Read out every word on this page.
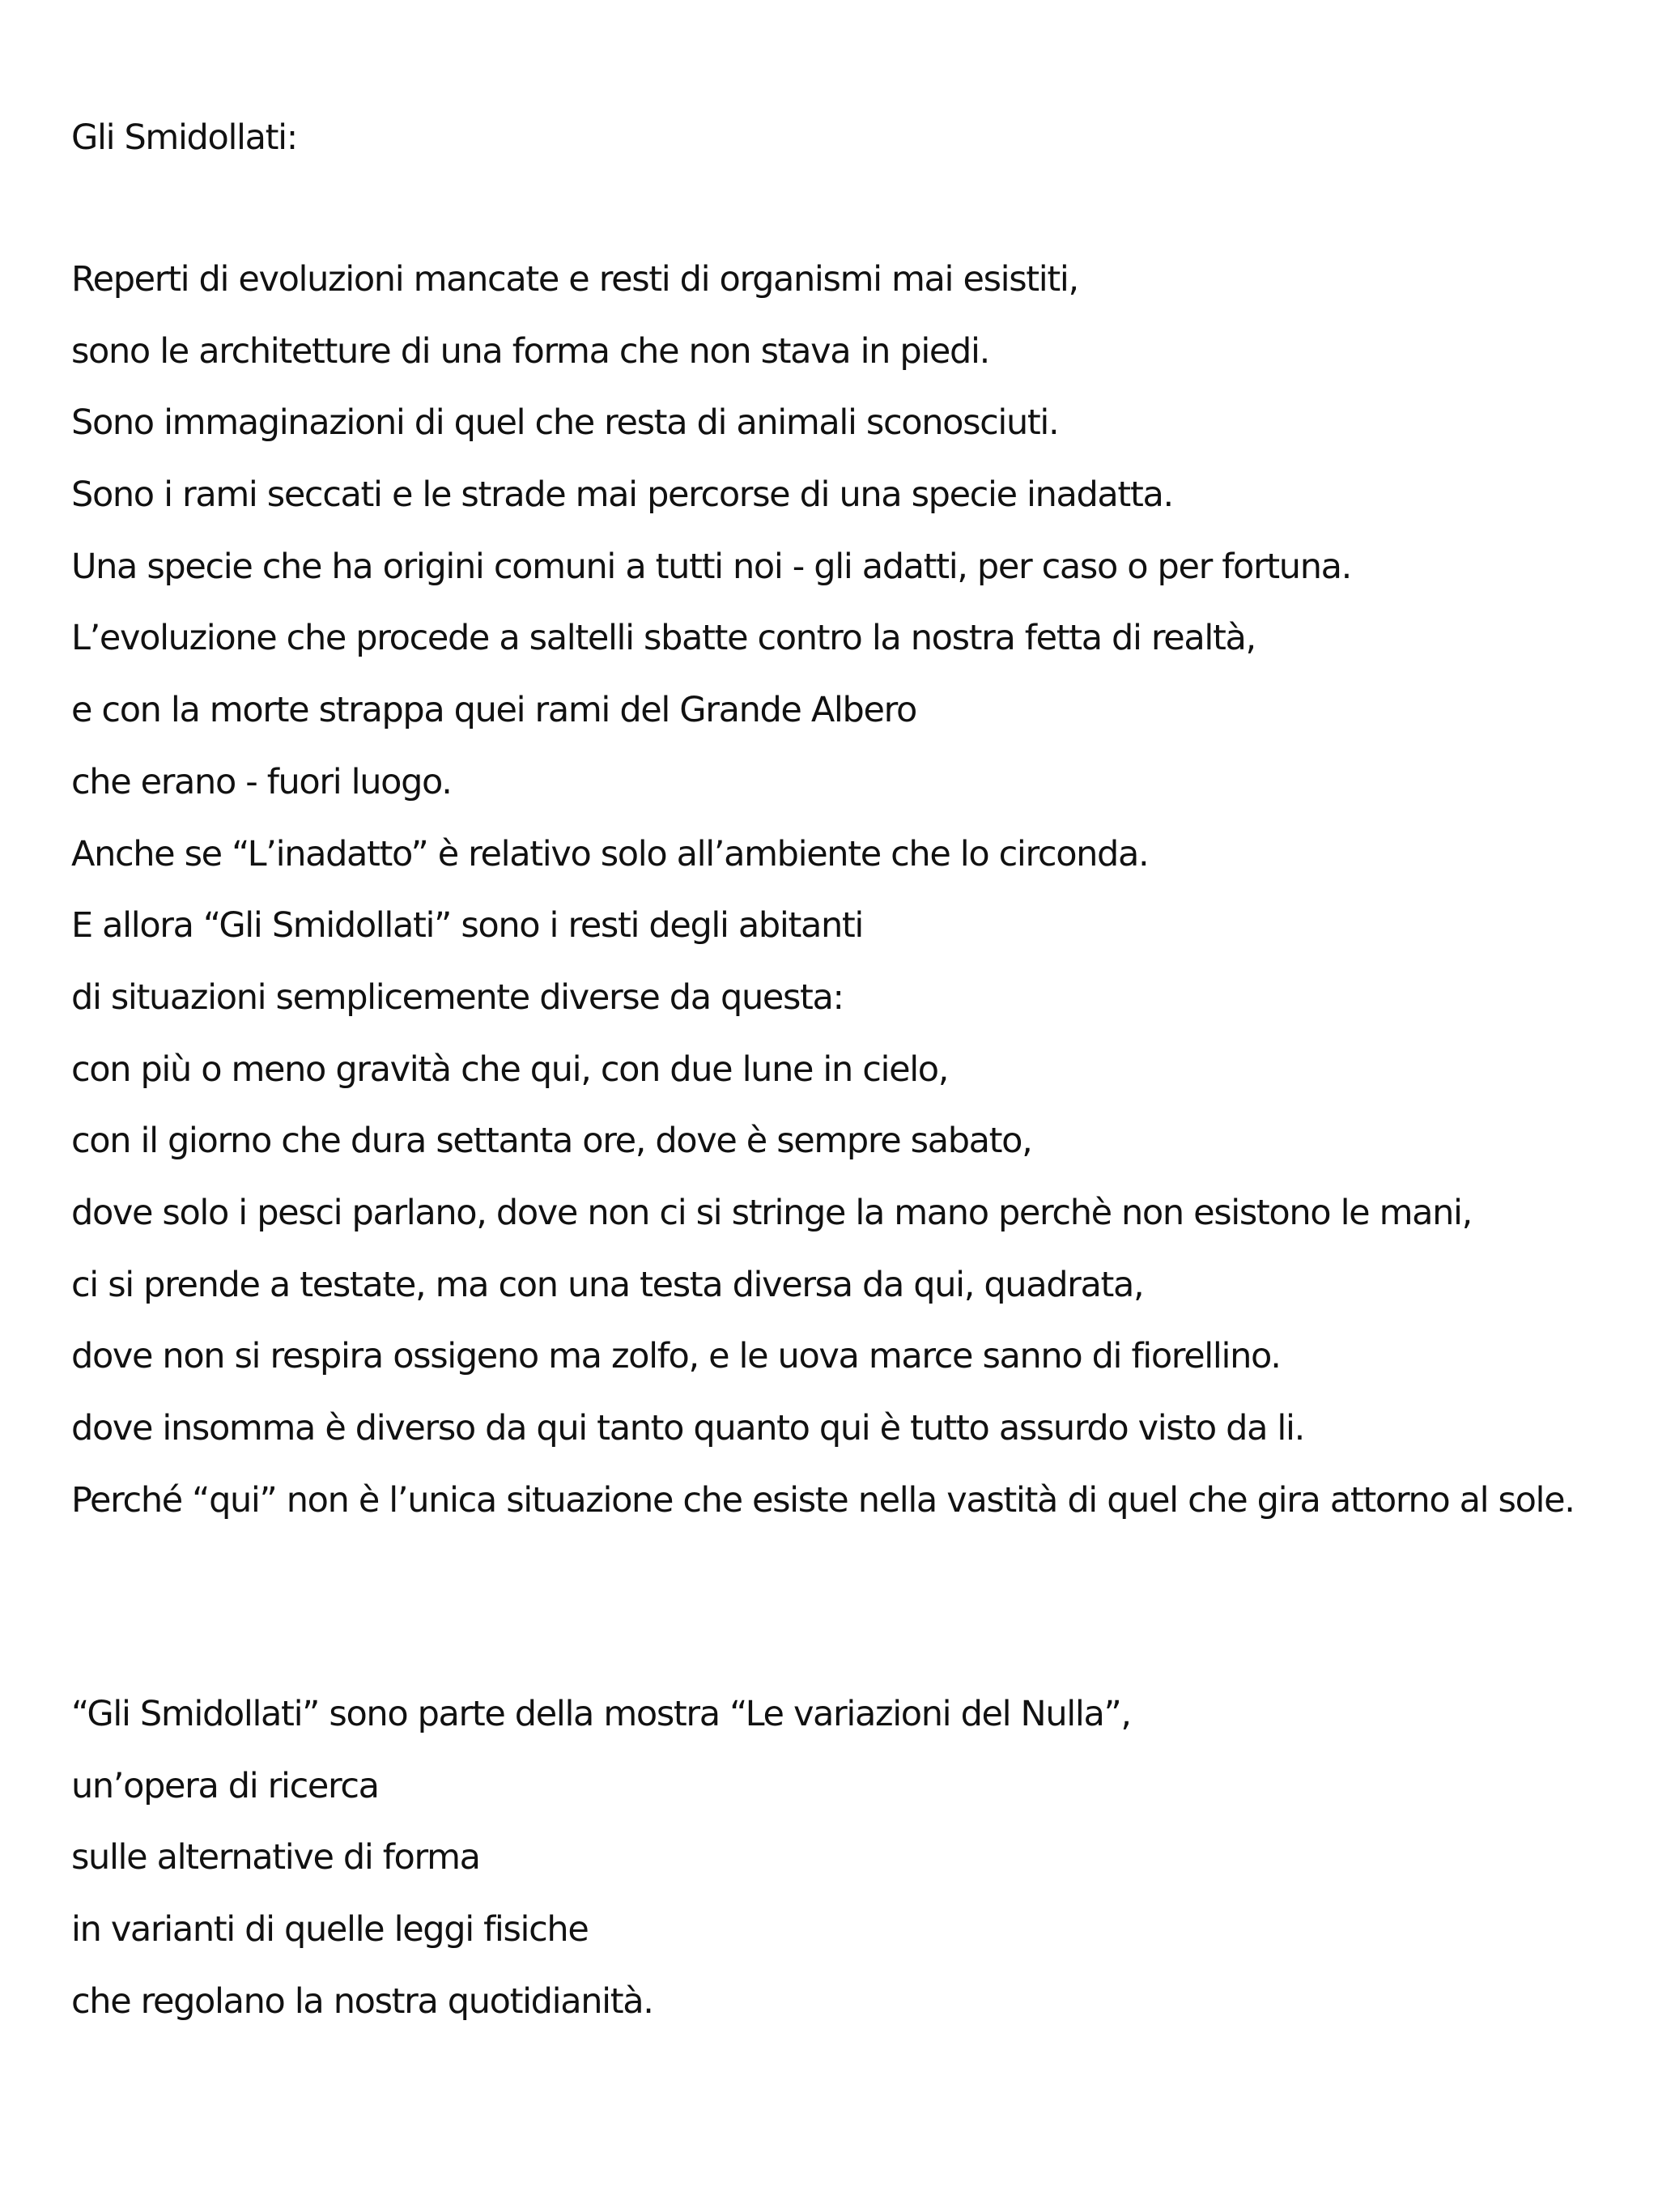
Gli Smidollati:
Reperti di evoluzioni mancate e resti di organismi mai esistiti,
sono le architetture di una forma che non stava in piedi.
Sono immaginazioni di quel che resta di animali sconosciuti.
Sono i rami seccati e le strade mai percorse di una specie inadatta.
Una specie che ha origini comuni a tutti noi - gli adatti, per caso o per fortuna.
L’evoluzione che procede a saltelli sbatte contro la nostra fetta di realtà,
e con la morte strappa quei rami del Grande Albero
che erano - fuori luogo.
Anche se “L’inadatto” è relativo solo all’ambiente che lo circonda.
E allora “Gli Smidollati” sono i resti degli abitanti
di situazioni semplicemente diverse da questa:
con più o meno gravità che qui, con due lune in cielo,
con il giorno che dura settanta ore, dove è sempre sabato,
dove solo i pesci parlano, dove non ci si stringe la mano perchè non esistono le mani,
ci si prende a testate, ma con una testa diversa da qui, quadrata,
dove non si respira ossigeno ma zolfo, e le uova marce sanno di fiorellino.
dove insomma è diverso da qui tanto quanto qui è tutto assurdo visto da li.
Perché “qui” non è l’unica situazione che esiste nella vastità di quel che gira attorno al sole.
“Gli Smidollati” sono parte della mostra “Le variazioni del Nulla”,
un’opera di ricerca
sulle alternative di forma
in varianti di quelle leggi fisiche
che regolano la nostra quotidianità.
